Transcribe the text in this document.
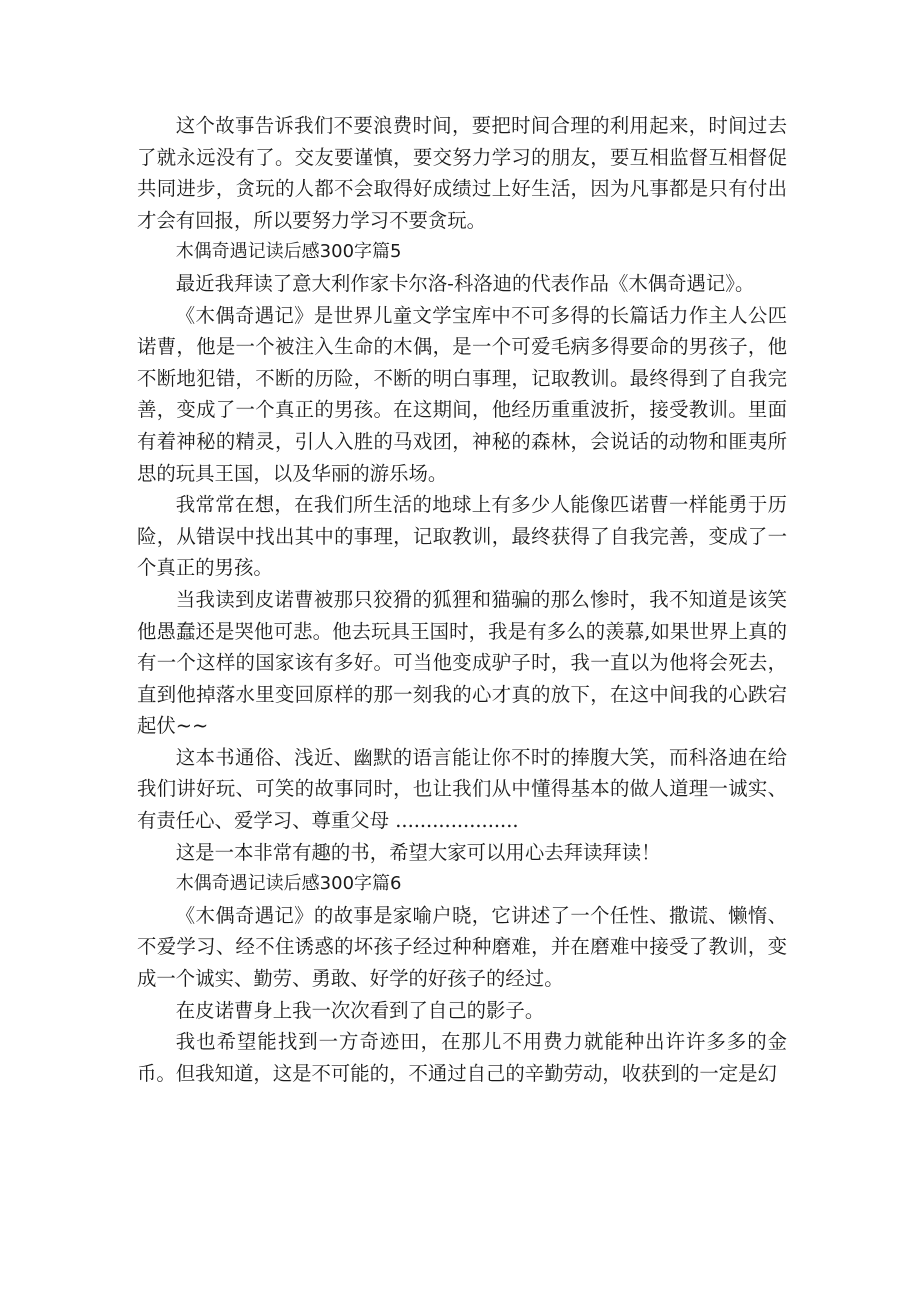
这个故事告诉我们不要浪费时间，要把时间合理的利用起来，时间过去了就永远没有了。交友要谨慎，要交努力学习的朋友，要互相监督互相督促共同进步，贪玩的人都不会取得好成绩过上好生活，因为凡事都是只有付出才会有回报，所以要努力学习不要贪玩。

木偶奇遇记读后感300字篇5

最近我拜读了意大利作家卡尔洛-科洛迪的代表作品《木偶奇遇记》。

《木偶奇遇记》是世界儿童文学宝库中不可多得的长篇话力作主人公匹诺曹，他是一个被注入生命的木偶，是一个可爱毛病多得要命的男孩子，他不断地犯错，不断的历险，不断的明白事理，记取教训。最终得到了自我完善，变成了一个真正的男孩。在这期间，他经历重重波折，接受教训。里面有着神秘的精灵，引人入胜的马戏团，神秘的森林，会说话的动物和匪夷所思的玩具王国，以及华丽的游乐场。

我常常在想，在我们所生活的地球上有多少人能像匹诺曹一样能勇于历险，从错误中找出其中的事理，记取教训，最终获得了自我完善，变成了一个真正的男孩。

当我读到皮诺曹被那只狡猾的狐狸和猫骗的那么惨时，我不知道是该笑他愚蠢还是哭他可悲。他去玩具王国时，我是有多么的羡慕,如果世界上真的有一个这样的国家该有多好。可当他变成驴子时，我一直以为他将会死去，直到他掉落水里变回原样的那一刻我的心才真的放下，在这中间我的心跌宕起伏~~

这本书通俗、浅近、幽默的语言能让你不时的捧腹大笑，而科洛迪在给我们讲好玩、可笑的故事同时，也让我们从中懂得基本的做人道理一诚实、有责任心、爱学习、尊重父母 ....................

这是一本非常有趣的书，希望大家可以用心去拜读拜读！

木偶奇遇记读后感300字篇6

《木偶奇遇记》的故事是家喻户晓，它讲述了一个任性、撒谎、懒惰、不爱学习、经不住诱惑的坏孩子经过种种磨难，并在磨难中接受了教训，变成一个诚实、勤劳、勇敢、好学的好孩子的经过。

在皮诺曹身上我一次次看到了自己的影子。

我也希望能找到一方奇迹田，在那儿不用费力就能种出许许多多的金币。但我知道，这是不可能的，不通过自己的辛勤劳动，收获到的一定是幻
